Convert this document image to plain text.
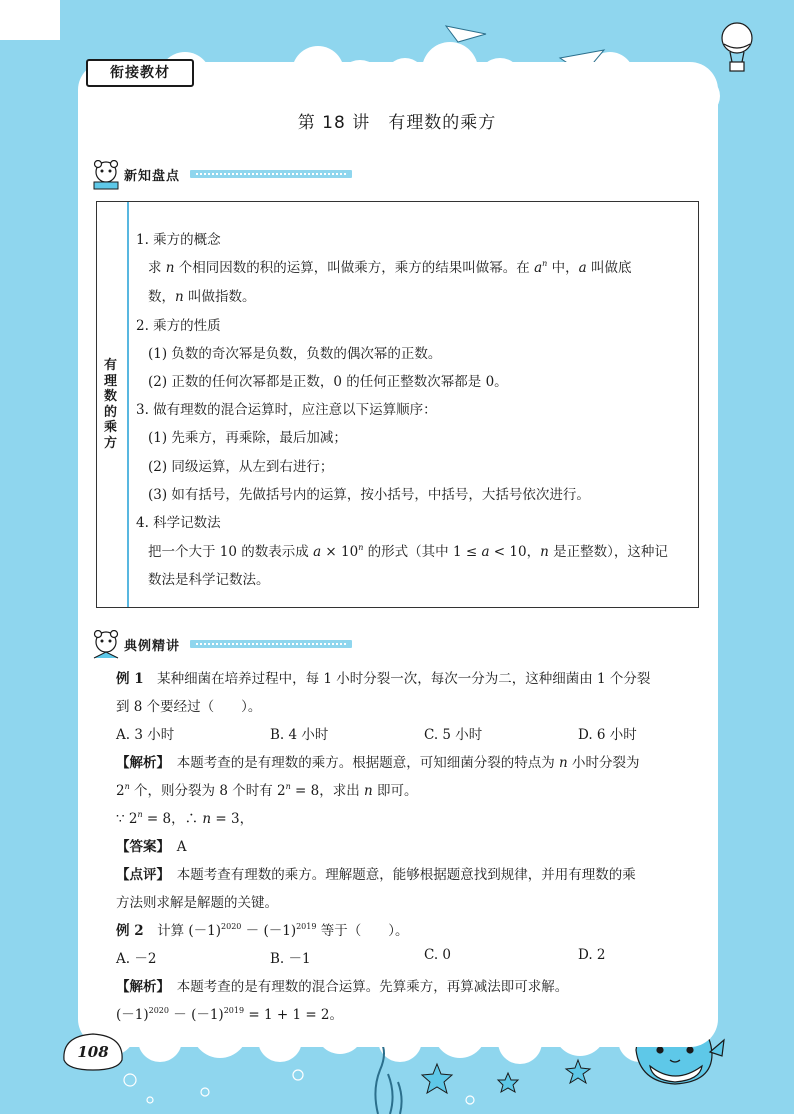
衔接教材
第 18 讲　有理数的乘方
新知盘点
有理数的乘方
1. 乘方的概念
求 n 个相同因数的积的运算，叫做乘方，乘方的结果叫做幂。在 $a^n$ 中，a 叫做底
数，n 叫做指数。
2. 乘方的性质
(1) 负数的奇次幂是负数，负数的偶次幂的正数。
(2) 正数的任何次幂都是正数，0 的任何正整数次幂都是 0。
3. 做有理数的混合运算时，应注意以下运算顺序：
(1) 先乘方，再乘除，最后加减；
(2) 同级运算，从左到右进行；
(3) 如有括号，先做括号内的运算，按小括号，中括号，大括号依次进行。
4. 科学记数法
把一个大于 10 的数表示成 $a \times 10^n$ 的形式（其中 1 ≤ a < 10，n 是正整数），这种记
数法是科学记数法。
典例精讲
例 1　某种细菌在培养过程中，每 1 小时分裂一次，每次一分为二，这种细菌由 1 个分裂
到 8 个要经过（　　）。
A. 3 小时	B. 4 小时	C. 5 小时	D. 6 小时
【解析】　本题考查的是有理数的乘方。根据题意，可知细菌分裂的特点为 n 小时分裂为
2$^n$ 个，则分裂为 8 个时有 $2^n = 8$，求出 n 即可。
∵ $2^n = 8$，∴ n = 3，
【答案】　A
【点评】　本题考查有理数的乘方。理解题意，能够根据题意找到规律，并用有理数的乘
方法则求解是解题的关键。
例 2　计算 $(-1)^{2020} - (-1)^{2019}$ 等于（　　）。
A. －2	B. －1	C. 0	D. 2
【解析】　本题考查的是有理数的混合运算。先算乘方，再算减法即可求解。
$(-1)^{2020} - (-1)^{2019} = 1 + 1 = 2$。
108
